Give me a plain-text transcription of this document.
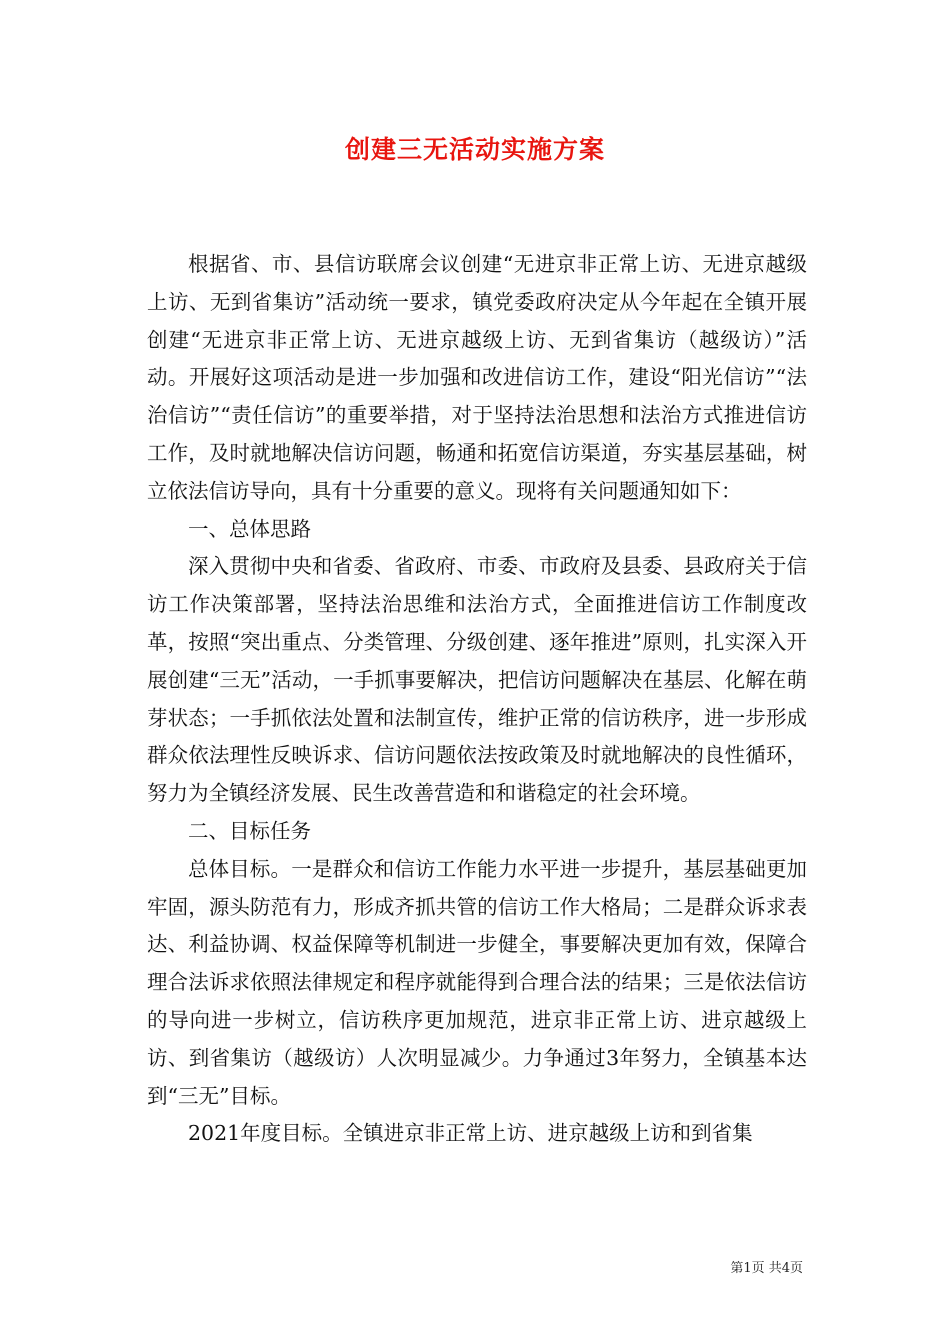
创建三无活动实施方案

根据省、市、县信访联席会议创建“无进京非正常上访、无进京越级上访、无到省集访”活动统一要求，镇党委政府决定从今年起在全镇开展创建“无进京非正常上访、无进京越级上访、无到省集访（越级访）”活动。开展好这项活动是进一步加强和改进信访工作，建设“阳光信访”“法治信访”“责任信访”的重要举措，对于坚持法治思想和法治方式推进信访工作，及时就地解决信访问题，畅通和拓宽信访渠道，夯实基层基础，树立依法信访导向，具有十分重要的意义。现将有关问题通知如下：

一、总体思路

深入贯彻中央和省委、省政府、市委、市政府及县委、县政府关于信访工作决策部署，坚持法治思维和法治方式，全面推进信访工作制度改革，按照“突出重点、分类管理、分级创建、逐年推进”原则，扎实深入开展创建“三无”活动，一手抓事要解决，把信访问题解决在基层、化解在萌芽状态；一手抓依法处置和法制宣传，维护正常的信访秩序，进一步形成群众依法理性反映诉求、信访问题依法按政策及时就地解决的良性循环，努力为全镇经济发展、民生改善营造和和谐稳定的社会环境。

二、目标任务

总体目标。一是群众和信访工作能力水平进一步提升，基层基础更加牢固，源头防范有力，形成齐抓共管的信访工作大格局；二是群众诉求表达、利益协调、权益保障等机制进一步健全，事要解决更加有效，保障合理合法诉求依照法律规定和程序就能得到合理合法的结果；三是依法信访的导向进一步树立，信访秩序更加规范，进京非正常上访、进京越级上访、到省集访（越级访）人次明显减少。力争通过3年努力，全镇基本达到“三无”目标。

2021年度目标。全镇进京非正常上访、进京越级上访和到省集

第1页 共4页
